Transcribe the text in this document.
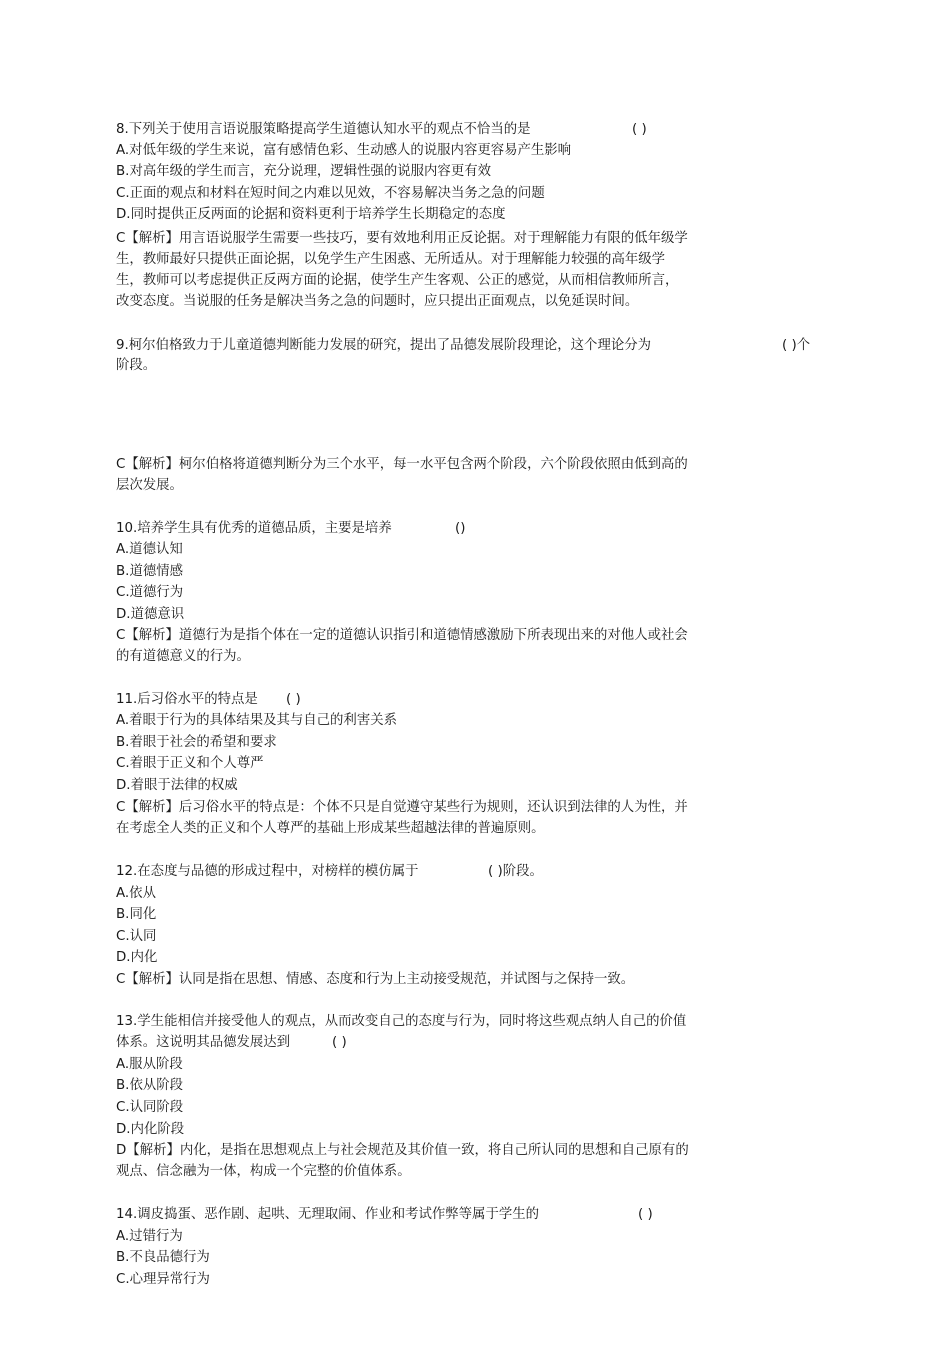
8.下列关于使用言语说服策略提高学生道德认知水平的观点不恰当的是	( )
A.对低年级的学生来说，富有感情色彩、生动感人的说服内容更容易产生影响
B.对高年级的学生而言，充分说理，逻辑性强的说服内容更有效
C.正面的观点和材料在短时间之内难以见效，不容易解决当务之急的问题
D.同时提供正反两面的论据和资料更利于培养学生长期稳定的态度
C【解析】用言语说服学生需要一些技巧，要有效地利用正反论据。对于理解能力有限的低年级学
生，教师最好只提供正面论据，以免学生产生困惑、无所适从。对于理解能力较强的高年级学
生，教师可以考虑提供正反两方面的论据，使学生产生客观、公正的感觉，从而相信教师所言，
改变态度。当说服的任务是解决当务之急的问题时，应只提出正面观点，以免延误时间。
9.柯尔伯格致力于儿童道德判断能力发展的研究，提出了品德发展阶段理论，这个理论分为	( )个
阶段。
C【解析】柯尔伯格将道德判断分为三个水平，每一水平包含两个阶段，六个阶段依照由低到高的
层次发展。
10.培养学生具有优秀的道德品质，主要是培养	()
A.道德认知
B.道德情感
C.道德行为
D.道德意识
C【解析】道德行为是指个体在一定的道德认识指引和道德情感激励下所表现出来的对他人或社会
的有道德意义的行为。
11.后习俗水平的特点是 ( )
A.着眼于行为的具体结果及其与自己的利害关系
B.着眼于社会的希望和要求
C.着眼于正义和个人尊严
D.着眼于法律的权威
C【解析】后习俗水平的特点是：个体不只是自觉遵守某些行为规则，还认识到法律的人为性，并
在考虑全人类的正义和个人尊严的基础上形成某些超越法律的普遍原则。
12.在态度与品德的形成过程中，对榜样的模仿属于	( )阶段。
A.依从
B.同化
C.认同
D.内化
C【解析】认同是指在思想、情感、态度和行为上主动接受规范，并试图与之保持一致。
13.学生能相信并接受他人的观点，从而改变自己的态度与行为，同时将这些观点纳人自己的价值
体系。这说明其品德发展达到	( )
A.服从阶段
B.依从阶段
C.认同阶段
D.内化阶段
D【解析】内化，是指在思想观点上与社会规范及其价值一致，将自己所认同的思想和自己原有的
观点、信念融为一体，构成一个完整的价值体系。
14.调皮捣蛋、恶作剧、起哄、无理取闹、作业和考试作弊等属于学生的	( )
A.过错行为
B.不良品德行为
C.心理异常行为
